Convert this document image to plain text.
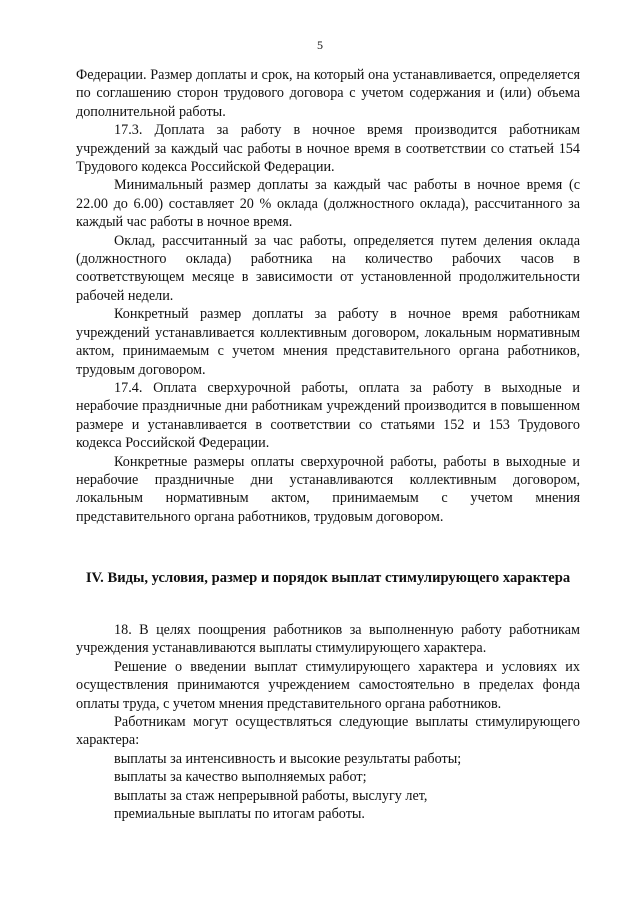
5

Федерации. Размер доплаты и срок, на который она устанавливается, определяется по соглашению сторон трудового договора с учетом содержания и (или) объема дополнительной работы.

17.3. Доплата за работу в ночное время производится работникам учреждений за каждый час работы в ночное время в соответствии со статьей 154 Трудового кодекса Российской Федерации.

Минимальный размер доплаты за каждый час работы в ночное время (с 22.00 до 6.00) составляет 20 % оклада (должностного оклада), рассчитанного за каждый час работы в ночное время.

Оклад, рассчитанный за час работы, определяется путем деления оклада (должностного оклада) работника на количество рабочих часов в соответствующем месяце в зависимости от установленной продолжительности рабочей недели.

Конкретный размер доплаты за работу в ночное время работникам учреждений устанавливается коллективным договором, локальным нормативным актом, принимаемым с учетом мнения представительного органа работников, трудовым договором.

17.4. Оплата сверхурочной работы, оплата за работу в выходные и нерабочие праздничные дни работникам учреждений производится в повышенном размере и устанавливается в соответствии со статьями 152 и 153 Трудового кодекса Российской Федерации.

Конкретные размеры оплаты сверхурочной работы, работы в выходные и нерабочие праздничные дни устанавливаются коллективным договором, локальным нормативным актом, принимаемым с учетом мнения представительного органа работников, трудовым договором.

IV. Виды, условия, размер и порядок выплат стимулирующего характера

18. В целях поощрения работников за выполненную работу работникам учреждения устанавливаются выплаты стимулирующего характера.

Решение о введении выплат стимулирующего характера и условиях их осуществления принимаются учреждением самостоятельно в пределах фонда оплаты труда, с учетом мнения представительного органа работников.

Работникам могут осуществляться следующие выплаты стимулирующего характера:

выплаты за интенсивность и высокие результаты работы;

выплаты за качество выполняемых работ;

выплаты за стаж непрерывной работы, выслугу лет,

премиальные выплаты по итогам работы.
